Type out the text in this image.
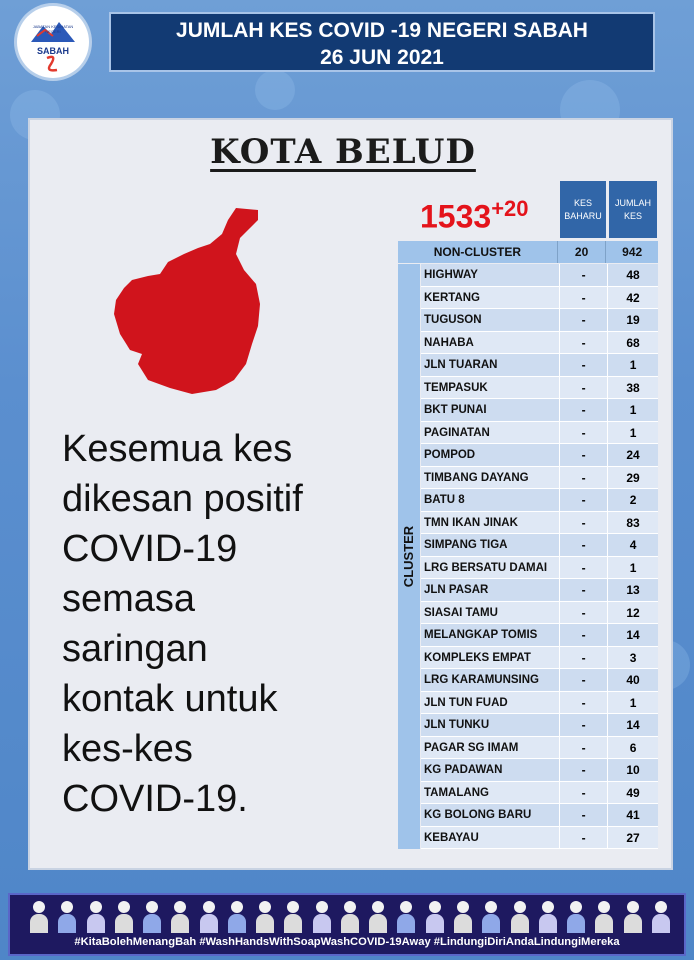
JABATAN KESIHATAN NEGERI
SABAH
JUMLAH KES COVID -19 NEGERI SABAH
26 JUN 2021
KOTA BELUD
$1533^{+20}$	KES
BAHARU
JUMLAH
KES
NON-CLUSTER	20	942
CLUSTER
HIGHWAY	-	48
KERTANG	-	42
TUGUSON	-	19
NAHABA	-	68
JLN TUARAN	-	1
TEMPASUK	-	38
BKT PUNAI	-	1
PAGINATAN	-	1
POMPOD	-	24
TIMBANG DAYANG	-	29
BATU 8	-	2
TMN IKAN JINAK	-	83
SIMPANG TIGA	-	4
LRG BERSATU DAMAI	-	1
JLN PASAR	-	13
SIASAI TAMU	-	12
MELANGKAP TOMIS	-	14
KOMPLEKS EMPAT	-	3
LRG KARAMUNSING	-	40
JLN TUN FUAD	-	1
JLN TUNKU	-	14
PAGAR SG IMAM	-	6
KG PADAWAN	-	10
TAMALANG	-	49
KG BOLONG BARU	-	41
KEBAYAU	-	27
Kesemua kes
dikesan positif
COVID-19
semasa
saringan
kontak untuk
kes-kes
COVID-19.
#KitaBolehMenangBah #WashHandsWithSoapWashCOVID-19Away #LindungiDiriAndaLindungiMereka
